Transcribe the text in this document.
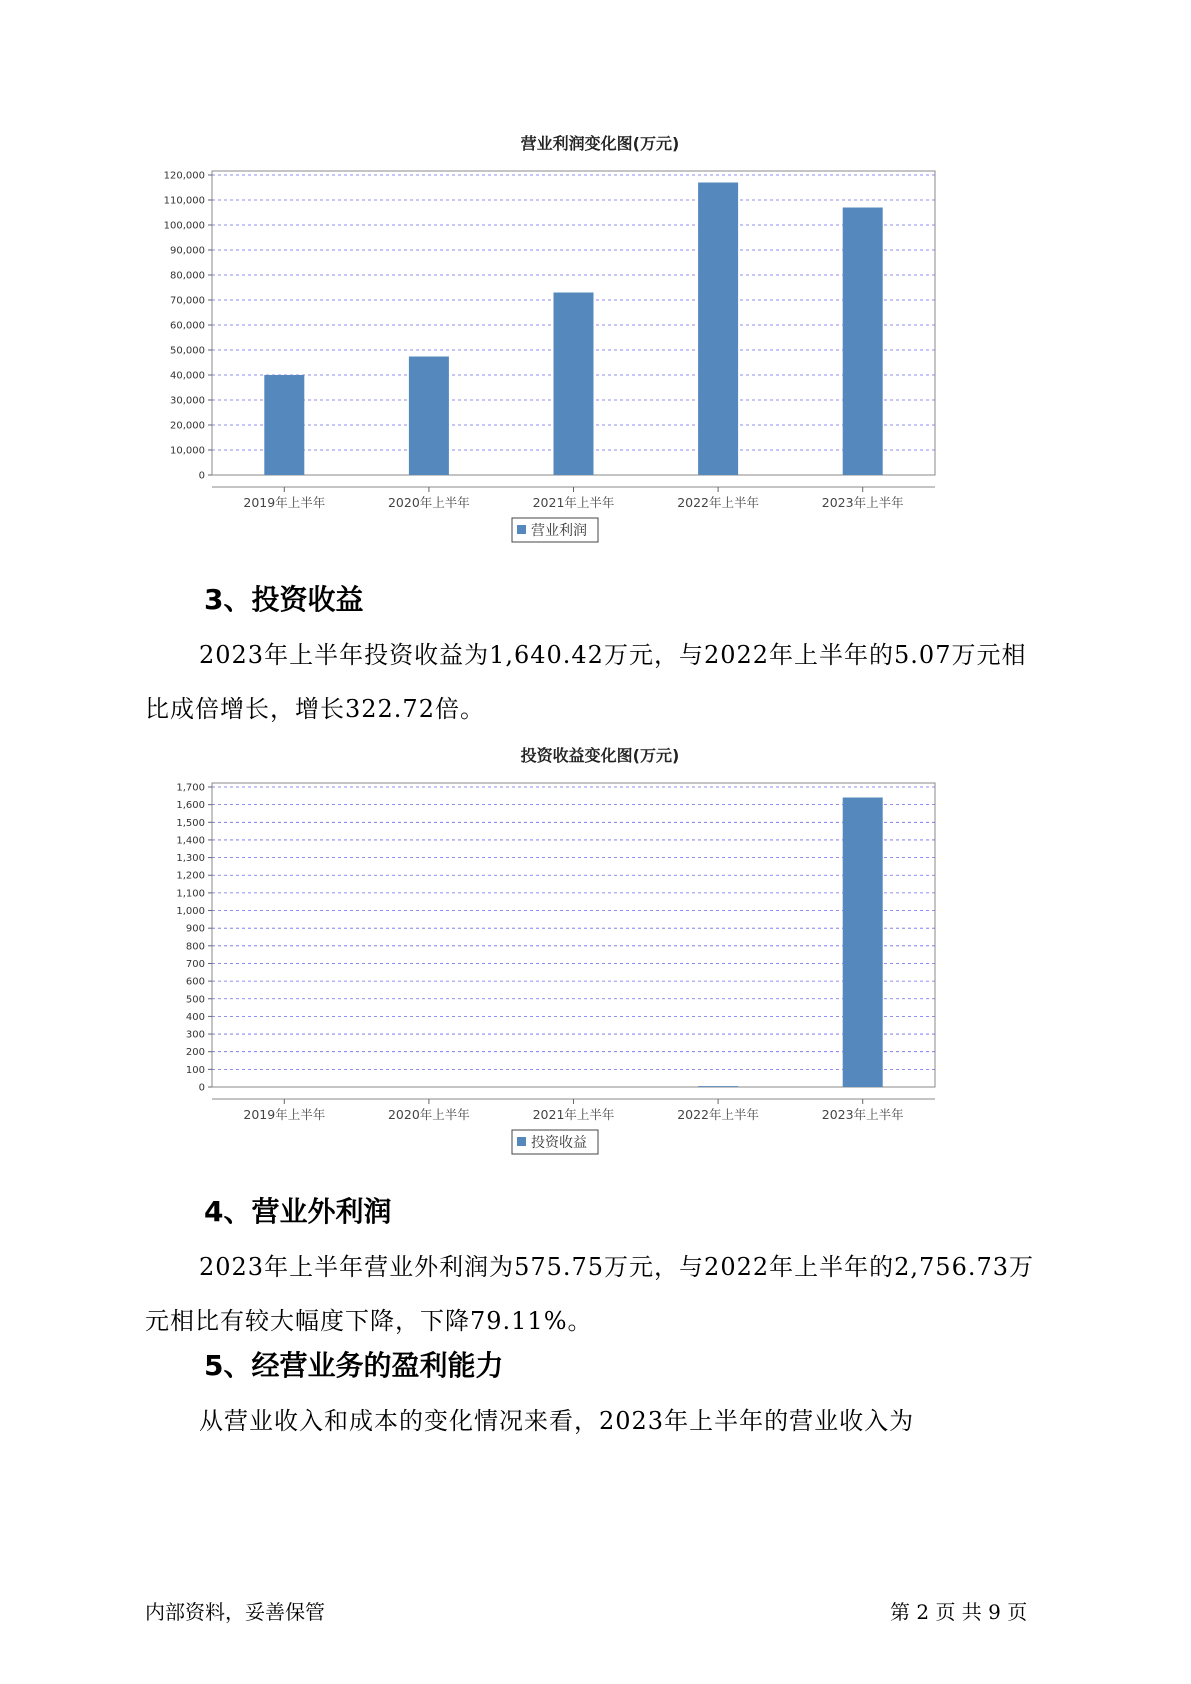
营业利润变化图(万元)
0
10,000
20,000
30,000
40,000
50,000
60,000
70,000
80,000
90,000
100,000
110,000
120,000
2019年上半年	2020年上半年	2021年上半年	2022年上半年	2023年上半年
营业利润
3、投资收益

2023年上半年投资收益为1,640.42万元，与2022年上半年的5.07万元相比成倍增长，增长322.72倍。

投资收益变化图(万元)
0
100
200
300
400
500
600
700
800
900
1,000
1,100
1,200
1,300
1,400
1,500
1,600
1,700
2019年上半年	2020年上半年	2021年上半年	2022年上半年	2023年上半年
投资收益
4、营业外利润

2023年上半年营业外利润为575.75万元，与2022年上半年的2,756.73万元相比有较大幅度下降，下降79.11%。

5、经营业务的盈利能力

从营业收入和成本的变化情况来看，2023年上半年的营业收入为

内部资料，妥善保管	第 2 页 共 9 页
